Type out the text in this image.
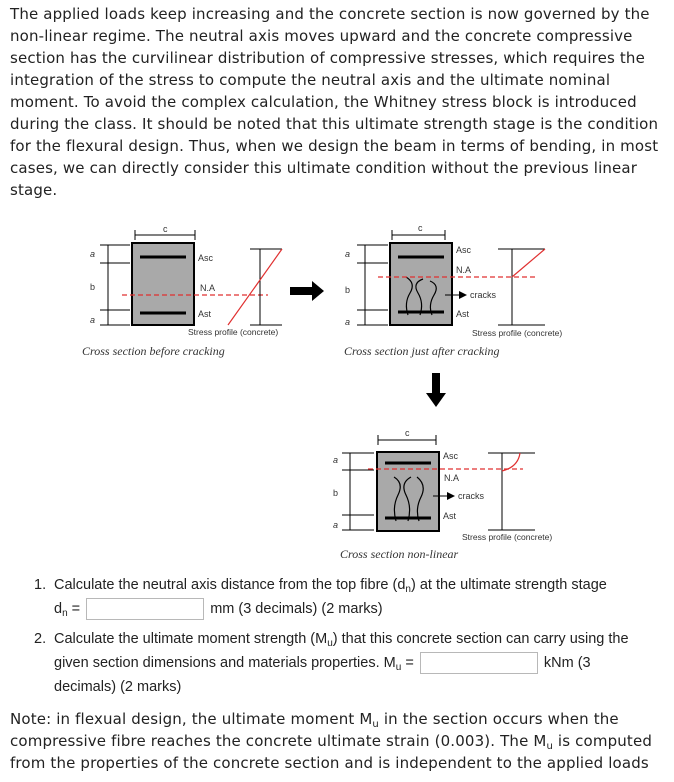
The applied loads keep increasing and the concrete section is now governed by the non-linear regime. The neutral axis moves upward and the concrete compressive section has the curvilinear distribution of compressive stresses, which requires the integration of the stress to compute the neutral axis and the ultimate nominal moment. To avoid the complex calculation, the Whitney stress block is introduced during the class. It should be noted that this ultimate strength stage is the condition for the flexural design. Thus, when we design the beam in terms of bending, in most cases, we can directly consider this ultimate condition without the previous linear stage.

c
a
b
a
Asc
Ast
N.A
Stress profile (concrete)
Cross section before cracking
c
a
b
a
Asc
Ast
N.A
cracks
Stress profile (concrete)
Cross section just after cracking
c
a
b
a
Asc
Ast
N.A
cracks
Stress profile (concrete)
Cross section non-linear
1. Calculate the neutral axis distance from the top fibre $(d_n)$ at the ultimate strength stage
$d_n$ =	mm (3 decimals) (2 marks)
2. Calculate the ultimate moment strength $(M_u)$ that this concrete section can carry using the given section dimensions and materials properties. $M_u$ =	kNm (3 decimals) (2 marks)

Note: in flexual design, the ultimate moment $M_u$ in the section occurs when the compressive fibre reaches the concrete ultimate strain (0.003). The $M_u$ is computed from the properties of the concrete section and is independent to the applied loads
